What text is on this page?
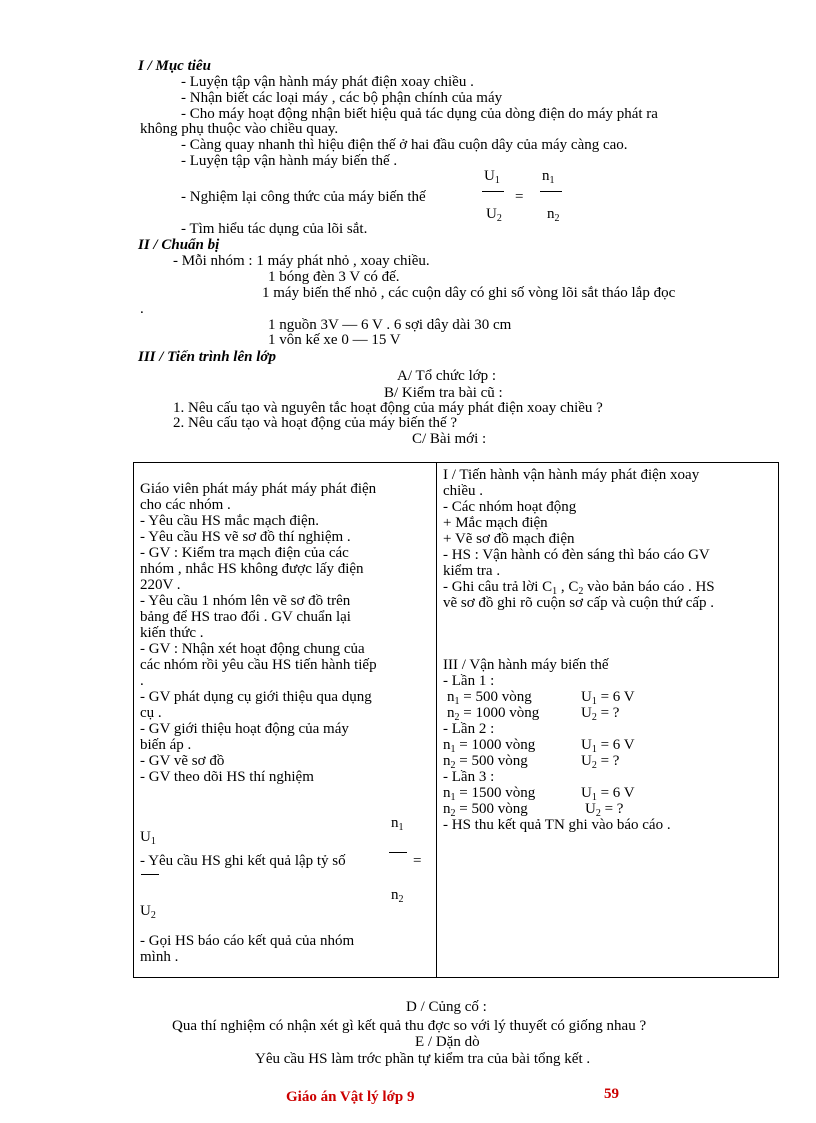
I / Mục tiêu
- Luyện tập vận hành máy phát điện xoay chiều .
- Nhận biết các loại máy , các bộ phận chính của máy
- Cho máy hoạt động nhận biết hiệu quả tác dụng của dòng điện do máy phát ra
không phụ thuộc vào chiều quay.
- Càng quay nhanh thì hiệu điện thế ở hai đầu cuộn dây của máy càng cao.
- Luyện tập vận hành máy biến thế .
- Nghiệm lại công thức của máy biến thế
$U_1$
$U_2$
=
$n_1$
$n_2$
- Tìm hiểu tác dụng của lõi sắt.
II / Chuẩn bị
- Mỗi nhóm : 1 máy phát nhỏ , xoay chiều.
1 bóng đèn 3 V có đế.
1 máy biến thế nhỏ , các cuộn dây có ghi số vòng lõi sắt tháo lắp đọc
.
1 nguồn 3V — 6 V . 6 sợi dây dài 30 cm
1 vôn kế xe 0 — 15 V
III / Tiến trình lên lớp
A/ Tổ chức lớp :
B/ Kiểm tra bài cũ :
1. Nêu cấu tạo và nguyên tắc hoạt động của máy phát điện xoay chiều ?
2. Nêu cấu tạo và hoạt động của máy biến thế ?
C/ Bài mới :
Giáo viên phát máy phát máy phát điện
cho các nhóm .
- Yêu cầu HS mắc mạch điện.
- Yêu cầu HS vẽ sơ đồ thí nghiệm .
- GV : Kiểm tra mạch điện của các
nhóm , nhắc HS không được lấy điện
220V .
- Yêu cầu 1 nhóm lên vẽ sơ đồ trên
bảng để HS trao đổi . GV chuẩn lại
kiến thức .
- GV : Nhận xét hoạt động chung của
các nhóm rồi yêu cầu HS tiến hành tiếp
.
- GV phát dụng cụ giới thiệu qua dụng
cụ .
- GV giới thiệu hoạt động của máy
biến áp .
- GV vẽ sơ đồ
- GV theo dõi HS thí nghiệm
$n_1$
$U_1$
- Yêu cầu HS ghi kết quả lập tỷ số	=
$n_2$
$U_2$
- Gọi HS báo cáo kết quả của nhóm
mình .

I / Tiến hành vận hành máy phát điện xoay
chiều .
- Các nhóm hoạt động
+ Mắc mạch điện
+ Vẽ sơ đồ mạch điện
- HS : Vận hành có đèn sáng thì báo cáo GV
kiểm tra .
- Ghi câu trả lời $C_1$ , $C_2$ vào bản báo cáo . HS
vẽ sơ đồ ghi rõ cuộn sơ cấp và cuộn thứ cấp .
III / Vận hành máy biến thế
- Lần 1 :
$n_1 = 500$ vòng	$U_1 = 6$ V
$n_2 = 1000$ vòng	$U_2$ = ?
- Lần 2 :
$n_1 = 1000$ vòng	$U_1 = 6$ V
$n_2 = 500$ vòng	$U_2$ = ?
- Lần 3 :
$n_1 = 1500$ vòng	$U_1 = 6$ V
$n_2 = 500$ vòng	$U_2$ = ?
- HS thu kết quả TN ghi vào báo cáo .
D / Củng cố :
Qua thí nghiệm có nhận xét gì kết quả thu đợc so với lý thuyết có giống nhau ?
E / Dặn dò
Yêu cầu HS làm trớc phần tự kiểm tra của bài tổng kết .
Giáo án Vật lý lớp 9	59
